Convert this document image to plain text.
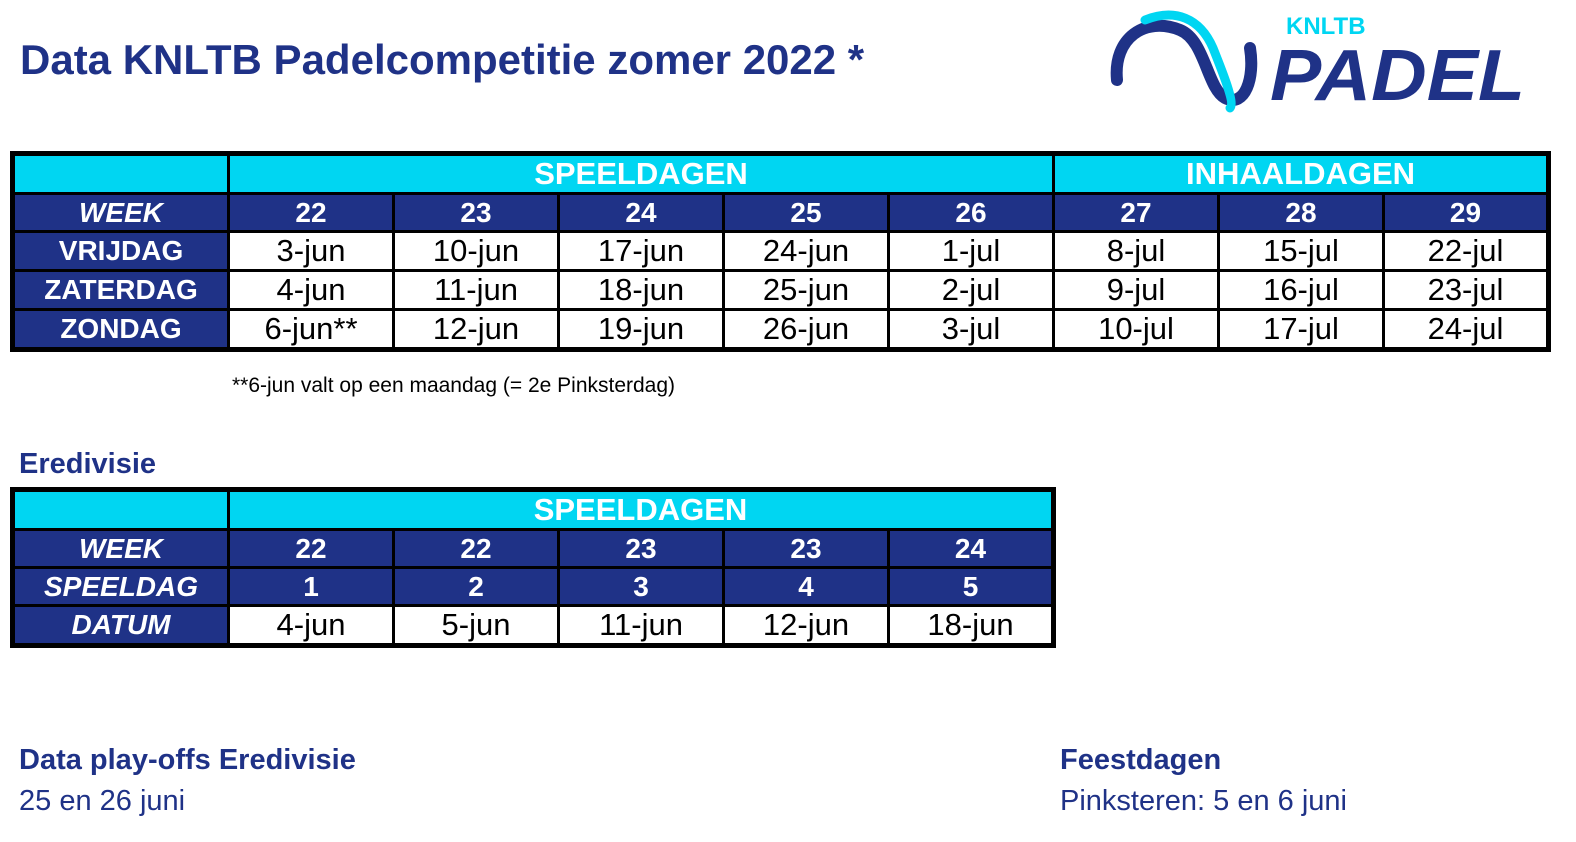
Data KNLTB Padelcompetitie zomer 2022 *
KNLTB
PADEL
	SPEELDAGEN					INHAALDAGEN		
WEEK	22	23	24	25	26	27	28	29
VRIJDAG	3-jun	10-jun	17-jun	24-jun	1-jul	8-jul	15-jul	22-jul
ZATERDAG	4-jun	11-jun	18-jun	25-jun	2-jul	9-jul	16-jul	23-jul
ZONDAG	6-jun**	12-jun	19-jun	26-jun	3-jul	10-jul	17-jul	24-jul
**6-jun valt op een maandag (= 2e Pinksterdag)
Eredivisie
	SPEELDAGEN				
WEEK	22	22	23	23	24
SPEELDAG	1	2	3	4	5
DATUM	4-jun	5-jun	11-jun	12-jun	18-jun
Data play-offs Eredivisie
25 en 26 juni
Feestdagen
Pinksteren: 5 en 6 juni
